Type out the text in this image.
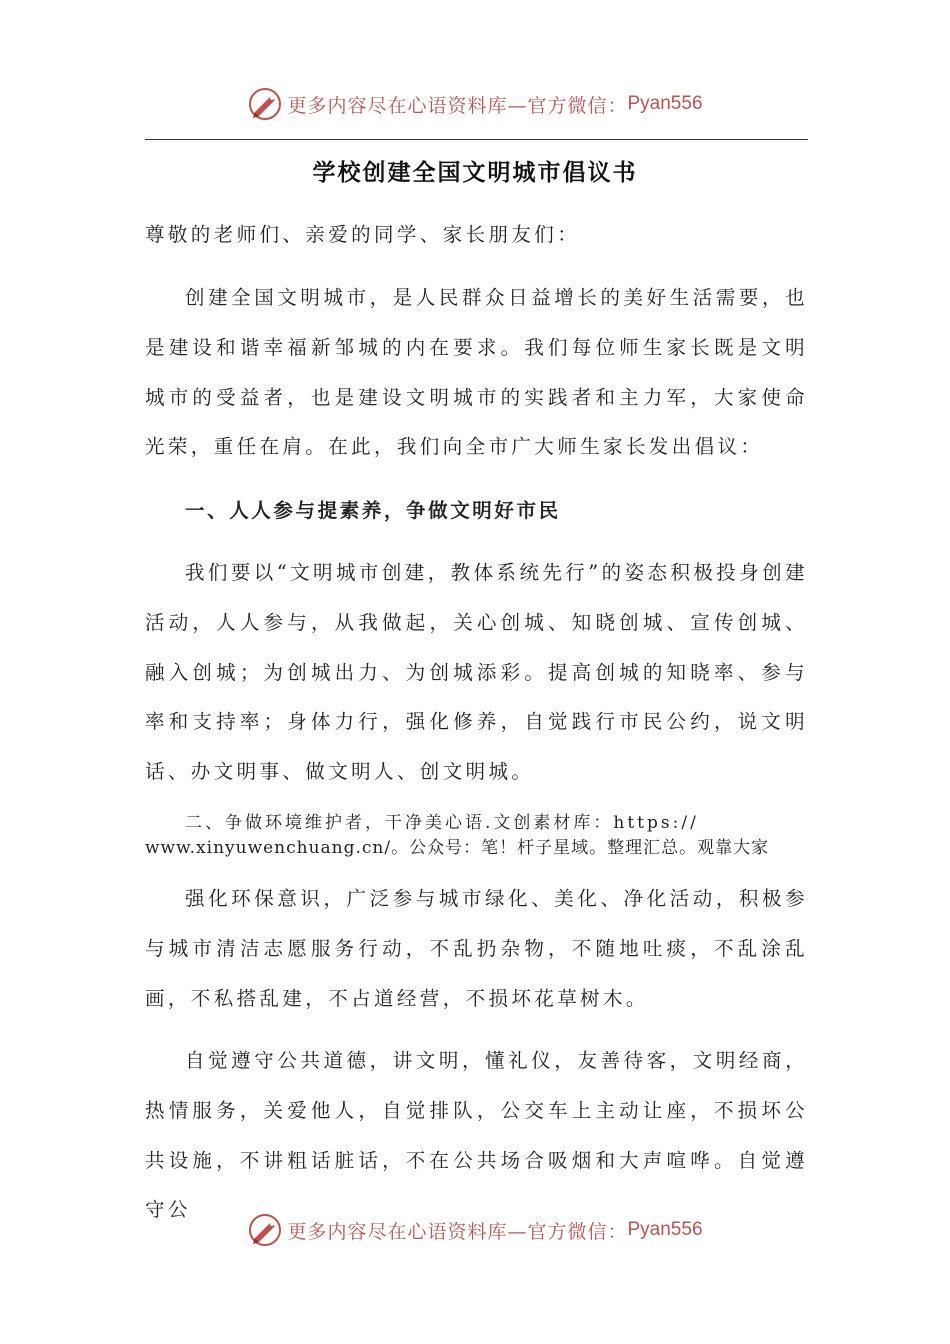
更多内容尽在心语资料库—官方微信： Pyan556
学校创建全国文明城市倡议书

尊敬的老师们、亲爱的同学、家长朋友们：

创建全国文明城市，是人民群众日益增长的美好生活需要，也是建设和谐幸福新邹城的内在要求。我们每位师生家长既是文明城市的受益者，也是建设文明城市的实践者和主力军，大家使命光荣，重任在肩。在此，我们向全市广大师生家长发出倡议：

一、人人参与提素养，争做文明好市民

我们要以“文明城市创建，教体系统先行”的姿态积极投身创建活动，人人参与，从我做起，关心创城、知晓创城、宣传创城、融入创城；为创城出力、为创城添彩。提高创城的知晓率、参与率和支持率；身体力行，强化修养，自觉践行市民公约，说文明话、办文明事、做文明人、创文明城。

二、争做环境维护者，干净美心语.文创素材库：https://
www.xinyuwenchuang.cn/。公众号：笔！杆子星域。整理汇总。观靠大家

强化环保意识，广泛参与城市绿化、美化、净化活动，积极参与城市清洁志愿服务行动，不乱扔杂物，不随地吐痰，不乱涂乱画，不私搭乱建，不占道经营，不损坏花草树木。

自觉遵守公共道德，讲文明，懂礼仪，友善待客，文明经商，热情服务，关爱他人，自觉排队，公交车上主动让座，不损坏公共设施，不讲粗话脏话，不在公共场合吸烟和大声喧哗。自觉遵守公

更多内容尽在心语资料库—官方微信： Pyan556
